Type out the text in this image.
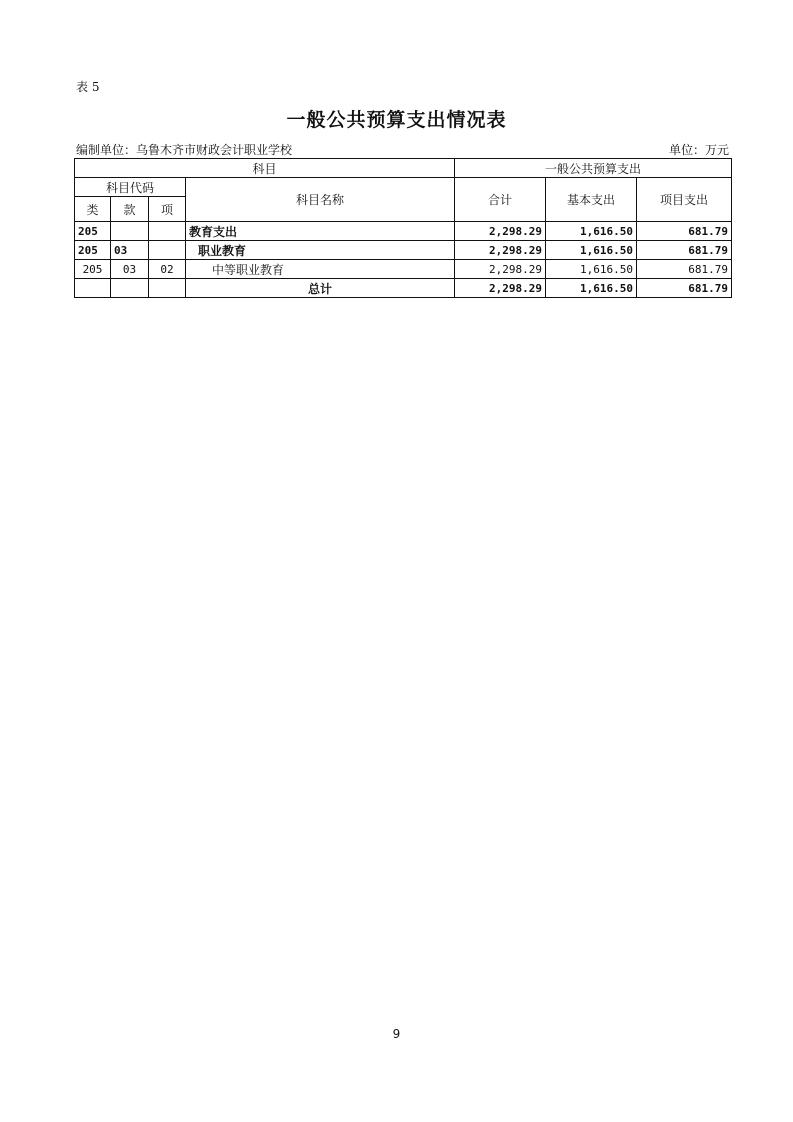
表 5
一般公共预算支出情况表
编制单位：乌鲁木齐市财政会计职业学校	单位：万元
科目				一般公共预算支出		
科目代码			科目名称	合计	基本支出	项目支出
类	款	项				
205			教育支出	2,298.29	1,616.50	681.79
205	03		职业教育	2,298.29	1,616.50	681.79
205	03	02	中等职业教育	2,298.29	1,616.50	681.79
			总计	2,298.29	1,616.50	681.79
9
